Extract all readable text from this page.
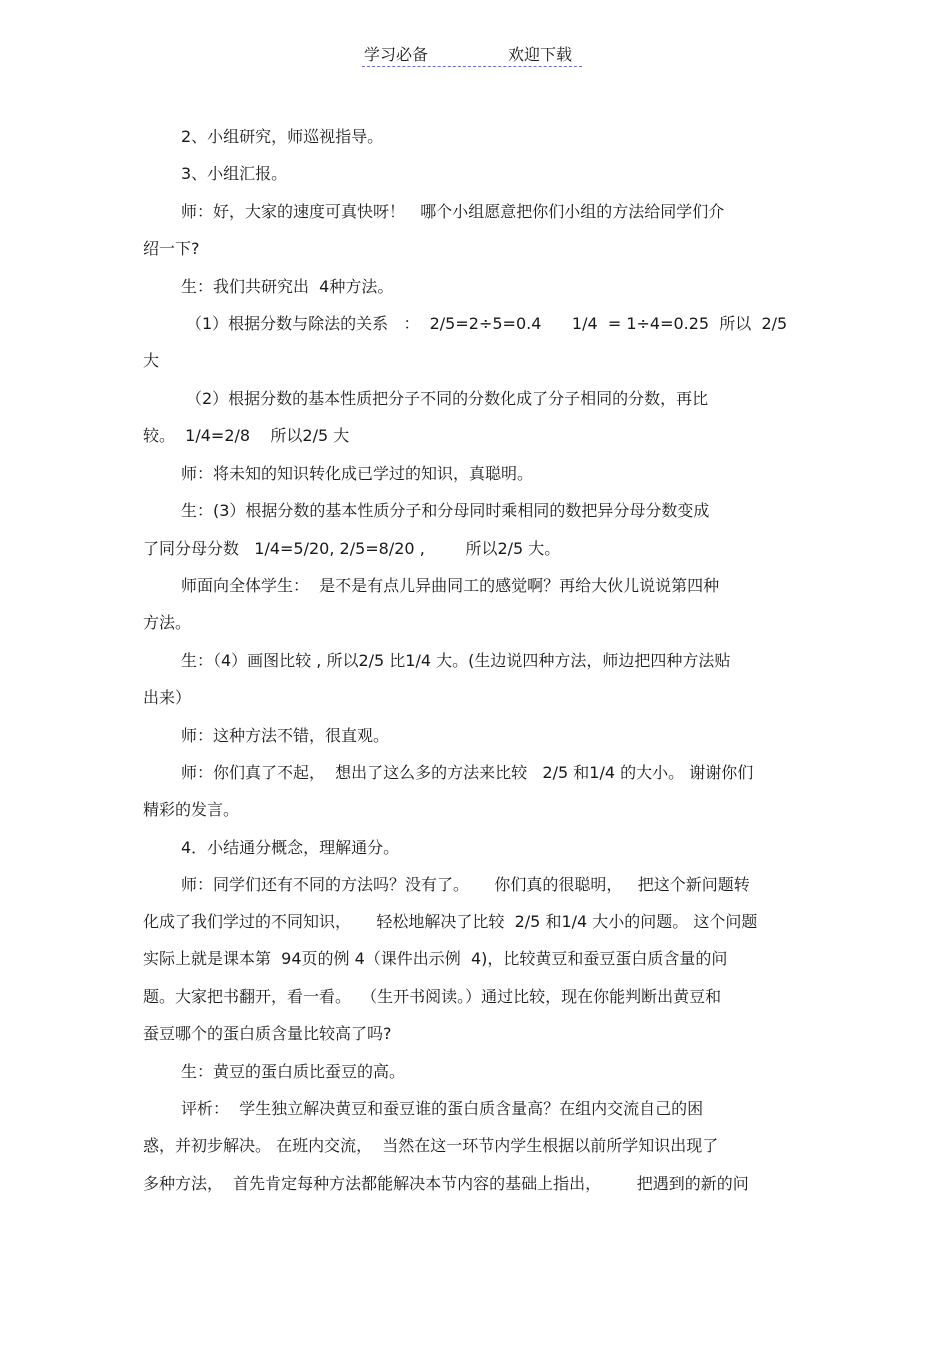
学习必备	欢迎下载
2、小组研究，师巡视指导。
3、小组汇报。
师：好，大家的速度可真快呀！   哪个小组愿意把你们小组的方法给同学们介
绍一下?
生：我们共研究出  4种方法。
（1）根据分数与除法的关系   ：  2/5=2÷5=0.4      1/4  = 1÷4=0.25  所以  2/5
大
（2）根据分数的基本性质把分子不同的分数化成了分子相同的分数，再比
较。  1/4=2/8    所以2/5 大
师：将未知的知识转化成已学过的知识，真聪明。
生：(3）根据分数的基本性质分子和分母同时乘相同的数把异分母分数变成
了同分母分数   1/4=5/20, 2/5=8/20 ,        所以2/5 大。
师面向全体学生：  是不是有点儿异曲同工的感觉啊？再给大伙儿说说第四种
方法。
生：（4）画图比较 , 所以2/5 比1/4 大。(生边说四种方法，师边把四种方法贴
出来）
师：这种方法不错，很直观。
师：你们真了不起，  想出了这么多的方法来比较   2/5 和1/4 的大小。 谢谢你们
精彩的发言。
4．小结通分概念，理解通分。
师：同学们还有不同的方法吗？没有了。     你们真的很聪明，   把这个新问题转
化成了我们学过的不同知识，     轻松地解决了比较  2/5 和1/4 大小的问题。 这个问题
实际上就是课本第  94页的例 4（课件出示例  4)，比较黄豆和蚕豆蛋白质含量的问
题。大家把书翻开，看一看。  （生开书阅读。）通过比较，现在你能判断出黄豆和
蚕豆哪个的蛋白质含量比较高了吗?
生：黄豆的蛋白质比蚕豆的高。
评析：  学生独立解决黄豆和蚕豆谁的蛋白质含量高？在组内交流自己的困
惑，并初步解决。 在班内交流，  当然在这一环节内学生根据以前所学知识出现了
多种方法，  首先肯定每种方法都能解决本节内容的基础上指出，       把遇到的新的问
